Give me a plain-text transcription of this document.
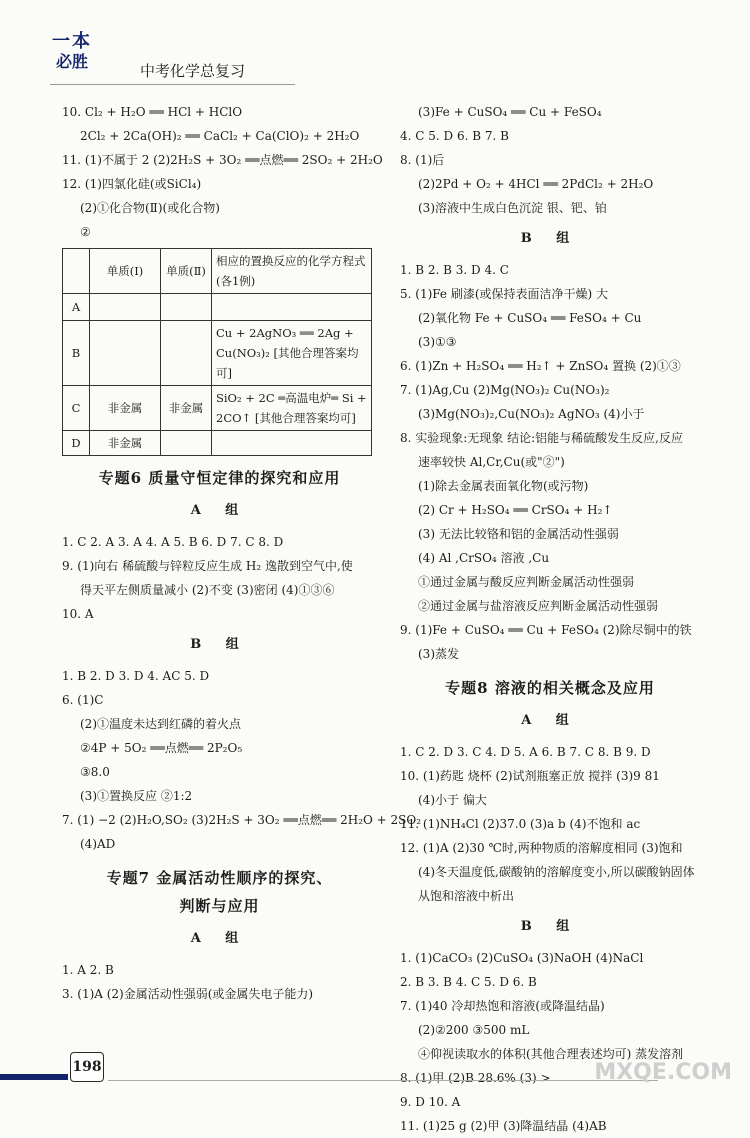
一本
必胜	中考化学总复习
10. Cl₂ + H₂O ══ HCl + HClO
2Cl₂ + 2Ca(OH)₂ ══ CaCl₂ + Ca(ClO)₂ + 2H₂O
11. (1)不属于 2 (2)2H₂S + 3O₂ ══点燃══ 2SO₂ + 2H₂O
12. (1)四氯化硅(或SiCl₄)
(2)①化合物(Ⅱ)(或化合物)
②
	单质(Ⅰ)	单质(Ⅱ)	相应的置换反应的化学方程式(各1例)
A			
B			Cu + 2AgNO₃ ══ 2Ag + Cu(NO₃)₂ [其他合理答案均可]
C	非金属	非金属	SiO₂ + 2C ═高温电炉═ Si + 2CO↑ [其他合理答案均可]
D	非金属		
专题6 质量守恒定律的探究和应用
A 组
1. C 2. A 3. A 4. A 5. B 6. D 7. C 8. D
9. (1)向右 稀硫酸与锌粒反应生成 H₂ 逸散到空气中,使
得天平左侧质量减小 (2)不变 (3)密闭 (4)①③⑥
10. A
B 组
1. B 2. D 3. D 4. AC 5. D
6. (1)C
(2)①温度未达到红磷的着火点
②4P + 5O₂ ══点燃══ 2P₂O₅
③8.0
(3)①置换反应 ②1:2
7. (1) −2 (2)H₂O,SO₂ (3)2H₂S + 3O₂ ══点燃══ 2H₂O + 2SO₂
(4)AD
专题7 金属活动性顺序的探究、
判断与应用
A 组
1. A 2. B
3. (1)A (2)金属活动性强弱(或金属失电子能力)
(3)Fe + CuSO₄ ══ Cu + FeSO₄
4. C 5. D 6. B 7. B
8. (1)后
(2)2Pd + O₂ + 4HCl ══ 2PdCl₂ + 2H₂O
(3)溶液中生成白色沉淀 银、钯、铂
B 组
1. B 2. B 3. D 4. C
5. (1)Fe 刷漆(或保持表面洁净干燥) 大
(2)氧化物 Fe + CuSO₄ ══ FeSO₄ + Cu
(3)①③
6. (1)Zn + H₂SO₄ ══ H₂↑ + ZnSO₄ 置换 (2)①③
7. (1)Ag,Cu (2)Mg(NO₃)₂ Cu(NO₃)₂
(3)Mg(NO₃)₂,Cu(NO₃)₂ AgNO₃ (4)小于
8. 实验现象:无现象 结论:铝能与稀硫酸发生反应,反应
速率较快 Al,Cr,Cu(或"②")
(1)除去金属表面氧化物(或污物)
(2) Cr + H₂SO₄ ══ CrSO₄ + H₂↑
(3) 无法比较铬和铝的金属活动性强弱
(4) Al ,CrSO₄ 溶液 ,Cu
①通过金属与酸反应判断金属活动性强弱
②通过金属与盐溶液反应判断金属活动性强弱
9. (1)Fe + CuSO₄ ══ Cu + FeSO₄ (2)除尽铜中的铁
(3)蒸发
专题8 溶液的相关概念及应用
A 组
1. C 2. D 3. C 4. D 5. A 6. B 7. C 8. B 9. D
10. (1)药匙 烧杯 (2)试剂瓶塞正放 搅拌 (3)9 81
(4)小于 偏大
11. (1)NH₄Cl (2)37.0 (3)a b (4)不饱和 ac
12. (1)A (2)30 ℃时,两种物质的溶解度相同 (3)饱和
(4)冬天温度低,碳酸钠的溶解度变小,所以碳酸钠固体
从饱和溶液中析出
B 组
1. (1)CaCO₃ (2)CuSO₄ (3)NaOH (4)NaCl
2. B 3. B 4. C 5. D 6. B
7. (1)40 冷却热饱和溶液(或降温结晶)
(2)②200 ③500 mL
④仰视读取水的体积(其他合理表述均可) 蒸发溶剂
8. (1)甲 (2)B 28.6% (3) >
9. D 10. A
11. (1)25 g (2)甲 (3)降温结晶 (4)AB
198	MXQE.COM
